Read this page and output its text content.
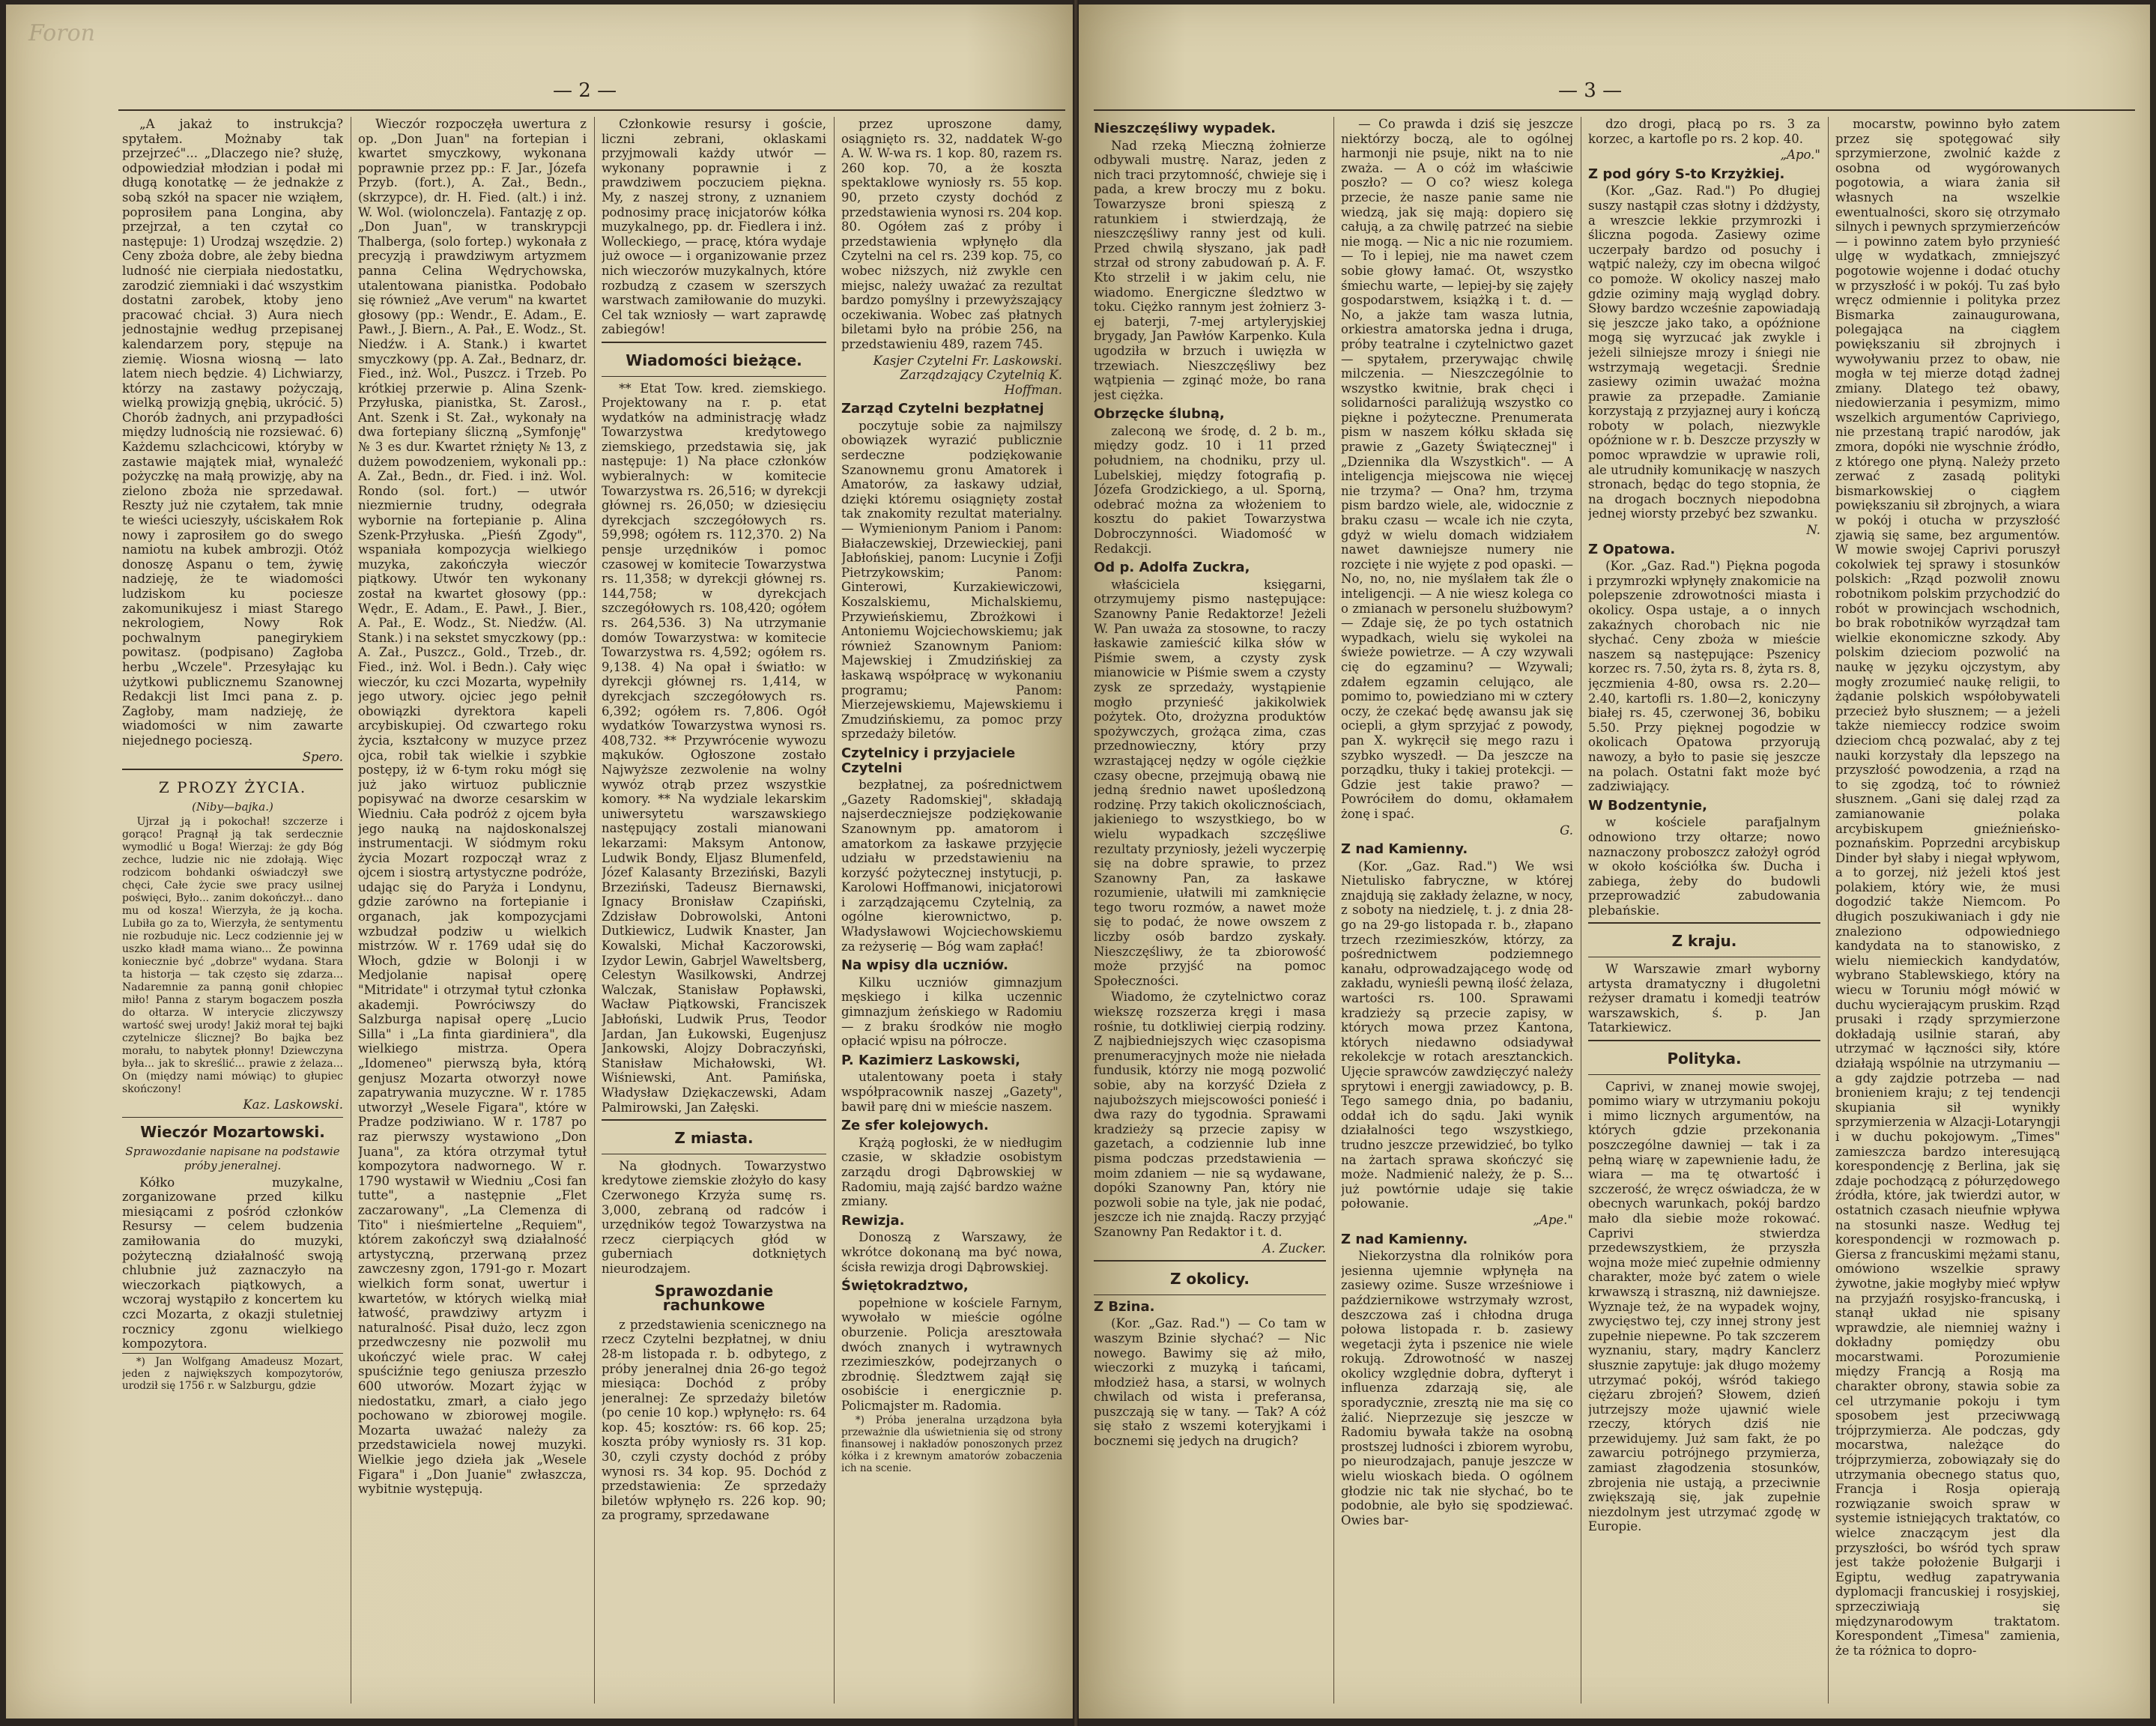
Foron
— 2 —

„A jakaż to instrukcja? spytałem. Możnaby tak przejrzeć"... „Dlaczego nie? służę, odpowiedział młodzian i podał mi długą konotatkę — że jednakże z sobą szkół na spacer nie wziąłem, poprosiłem pana Longina, aby przejrzał, a ten czytał co następuje: 1) Urodzaj wszędzie. 2) Ceny zboża dobre, ale żeby biedna ludność nie cierpiała niedostatku, zarodzić ziemniaki i dać wszystkim dostatni zarobek, ktoby jeno pracować chciał. 3) Aura niech jednostajnie według przepisanej kalendarzem pory, stępuje na ziemię. Wiosna wiosną — lato latem niech będzie. 4) Lichwiarzy, którzy na zastawy pożyczają, wielką prowizją gnębią, ukrócić. 5) Chorób żadnych, ani przypadłości między ludnością nie rozsiewać. 6) Każdemu szlachcicowi, któryby w zastawie majątek miał, wynaleźć pożyczkę na małą prowizję, aby na zielono zboża nie sprzedawał. Reszty już nie czytałem, tak mnie te wieści ucieszyły, uściskałem Rok nowy i zaprosiłem go do swego namiotu na kubek ambrozji. Otóż donoszę Aspanu o tem, żywię nadzieję, że te wiadomości ludziskom ku pociesze zakomunikujesz i miast Starego nekrologiem, Nowy Rok pochwalnym panegirykiem powitasz. (podpisano) Zagłoba herbu „Wczele". Przesyłając ku użytkowi publicznemu Szanownej Redakcji list Imci pana z. p. Zagłoby, mam nadzieję, że wiadomości w nim zawarte niejednego pocieszą.

Spero.

Z PROZY ŻYCIA.

(Niby—bajka.)

Ujrzał ją i pokochał! szczerze i gorąco! Pragnął ją tak serdecznie wymodlić u Boga! Wierzaj: że gdy Bóg zechce, ludzie nic nie zdołają. Więc rodzicom bohdanki oświadczył swe chęci, Całe życie swe pracy usilnej poświęci, Było... zanim dokończył... dano mu od kosza! Wierzyła, że ją kocha. Lubiła go za to, Wierzyła, że sentymentu nie rozbuduje nic. Lecz codziennie jej w uszko kładł mama wiano... Że powinna koniecznie być „dobrze" wydana. Stara ta historja — tak często się zdarza... Nadaremnie za panną gonił chłopiec miło! Panna z starym bogaczem poszła do ołtarza. W interycie zliczywszy wartość swej urody! Jakiż morał tej bajki czytelnicze ślicznej? Bo bajka bez morału, to nabytek płonny! Dziewczyna była... jak to skreślić... prawie z żelaza... On (między nami mówiąc) to głupiec skończony!

Kaz. Laskowski.

Wieczór Mozartowski.

Sprawozdanie napisane na podstawie próby jeneralnej.

Kółko muzykalne, zorganizowane przed kilku miesiącami z pośród członków Resursy — celem budzenia zamiłowania do muzyki, pożyteczną działalność swoją chlubnie już zaznaczyło na wieczorkach piątkowych, a wczoraj wystąpiło z koncertem ku czci Mozarta, z okazji stuletniej rocznicy zgonu wielkiego kompozytora.

*) Jan Wolfgang Amadeusz Mozart, jeden z największych kompozytorów, urodził się 1756 r. w Salzburgu, gdzie

Wieczór rozpoczęła uwertura z op. „Don Juan" na fortepian i kwartet smyczkowy, wykonana poprawnie przez pp.: F. Jar., Józefa Przyb. (fort.), A. Zał., Bedn., (skrzypce), dr. H. Fied. (alt.) i inż. W. Wol. (wiolonczela). Fantazję z op. „Don Juan", w transkrypcji Thalberga, (solo fortep.) wykonała z precyzją i prawdziwym artyzmem panna Celina Wędrychowska, utalentowana pianistka. Podobało się również „Ave verum" na kwartet głosowy (pp.: Wendr., E. Adam., E. Pawł., J. Biern., A. Pał., E. Wodz., St. Niedźw. i A. Stank.) i kwartet smyczkowy (pp. A. Zał., Bednarz, dr. Fied., inż. Wol., Puszcz. i Trzeb. Po krótkiej przerwie p. Alina Szenk-Przyłuska, pianistka, St. Zarosł., Ant. Szenk i St. Zał., wykonały na dwa fortepiany śliczną „Symfonję" № 3 es dur. Kwartet rżnięty № 13, z dużem powodzeniem, wykonali pp.: A. Zał., Bedn., dr. Fied. i inż. Wol. Rondo (sol. fort.) — utwór niezmiernie trudny, odegrała wybornie na fortepianie p. Alina Szenk-Przyłuska. „Pieśń Zgody", wspaniała kompozycja wielkiego muzyka, zakończyła wieczór piątkowy. Utwór ten wykonany został na kwartet głosowy (pp.: Wędr., E. Adam., E. Pawł., J. Bier., A. Pał., E. Wodz., St. Niedźw. (Al. Stank.) i na sekstet smyczkowy (pp.: A. Zał., Puszcz., Gold., Trzeb., dr. Fied., inż. Wol. i Bedn.). Cały więc wieczór, ku czci Mozarta, wypełniły jego utwory. ojciec jego pełnił obowiązki dyrektora kapeli arcybiskupiej. Od czwartego roku życia, kształcony w muzyce przez ojca, robił tak wielkie i szybkie postępy, iż w 6-tym roku mógł się już jako wirtuoz publicznie popisywać na dworze cesarskim w Wiedniu. Cała podróż z ojcem była jego nauką na najdoskonalszej instrumentacji. W siódmym roku życia Mozart rozpoczął wraz z ojcem i siostrą artystyczne podróże, udając się do Paryża i Londynu, gdzie zarówno na fortepianie i organach, jak kompozycjami wzbudzał podziw u wielkich mistrzów. W r. 1769 udał się do Włoch, gdzie w Bolonji i w Medjolanie napisał operę "Mitridate" i otrzymał tytuł członka akademji. Powróciwszy do Salzburga napisał operę „Lucio Silla" i „La finta giardiniera", dla wielkiego mistrza. Opera „Idomeneo" pierwszą była, którą genjusz Mozarta otworzył nowe zapatrywania muzyczne. W r. 1785 utworzył „Wesele Figara", które w Pradze podziwiano. W r. 1787 po raz pierwszy wystawiono „Don Juana", za która otrzymał tytuł kompozytora nadwornego. W r. 1790 wystawił w Wiedniu „Cosi fan tutte", a następnie „Flet zaczarowany", „La Clemenza di Tito" i nieśmiertelne „Requiem", którem zakończył swą działalność artystyczną, przerwaną przez zawczesny zgon, 1791-go r. Mozart wielkich form sonat, uwertur i kwartetów, w których wielką miał łatwość, prawdziwy artyzm i naturalność. Pisał dużo, lecz zgon przedwczesny nie pozwolił mu ukończyć wiele prac. W całej spuściźnie tego geniusza przeszło 600 utworów. Mozart żyjąc w niedostatku, zmarł, a ciało jego pochowano w zbiorowej mogile. Mozarta uważać należy za przedstawiciela nowej muzyki. Wielkie jego dzieła jak „Wesele Figara" i „Don Juanie" zwłaszcza, wybitnie występują.

Członkowie resursy i goście, liczni zebrani, oklaskami przyjmowali każdy utwór — wykonany poprawnie i z prawdziwem poczuciem piękna. My, z naszej strony, z uznaniem podnosimy pracę inicjatorów kółka muzykalnego, pp. dr. Fiedlera i inż. Wolleckiego, — pracę, która wydaje już owoce — i organizowanie przez nich wieczorów muzykalnych, które rozbudzą z czasem w szerszych warstwach zamiłowanie do muzyki. Cel tak wzniosły — wart zaprawdę zabiegów!

Wiadomości bieżące.

** Etat Tow. kred. ziemskiego. Projektowany na r. p. etat wydatków na administrację władz Towarzystwa kredytowego ziemskiego, przedstawia się, jak następuje: 1) Na płace członków wybieralnych: w komitecie Towarzystwa rs. 26,516; w dyrekcji głównej rs. 26,050; w dziesięciu dyrekcjach szczegółowych rs. 59,998; ogółem rs. 112,370. 2) Na pensje urzędników i pomoc czasowej w komitecie Towarzystwa rs. 11,358; w dyrekcji głównej rs. 144,758; w dyrekcjach szczegółowych rs. 108,420; ogółem rs. 264,536. 3) Na utrzymanie domów Towarzystwa: w komitecie Towarzystwa rs. 4,592; ogółem rs. 9,138. 4) Na opał i światło: w dyrekcji głównej rs. 1,414, w dyrekcjach szczegółowych rs. 6,392; ogółem rs. 7,806. Ogół wydatków Towarzystwa wynosi rs. 408,732. ** Przywrócenie wywozu mąkuków. Ogłoszone zostało Najwyższe zezwolenie na wolny wywóz otrąb przez wszystkie komory. ** Na wydziale lekarskim uniwersytetu warszawskiego następujący zostali mianowani lekarzami: Maksym Antonow, Ludwik Bondy, Eljasz Blumenfeld, Józef Kalasanty Brzeziński, Bazyli Brzeziński, Tadeusz Biernawski, Ignacy Bronisław Czapiński, Zdzisław Dobrowolski, Antoni Dutkiewicz, Ludwik Knaster, Jan Kowalski, Michał Kaczorowski, Izydor Lewin, Gabrjel Waweltsberg, Celestyn Wasilkowski, Andrzej Walczak, Stanisław Popławski, Wacław Piątkowski, Franciszek Jabłoński, Ludwik Prus, Teodor Jardan, Jan Łukowski, Eugenjusz Jankowski, Alojzy Dobraczyński, Stanisław Michałowski, Wł. Wiśniewski, Ant. Pamińska, Władysław Dziękaczewski, Adam Palmirowski, Jan Załęski.

Z miasta.

Na głodnych. Towarzystwo kredytowe ziemskie złożyło do kasy Czerwonego Krzyża sumę rs. 3,000, zebraną od radców i urzędników tegoż Towarzystwa na rzecz cierpiących głód w guberniach dotkniętych nieurodzajem.

Sprawozdanie rachunkowe

z przedstawienia scenicznego na rzecz Czytelni bezpłatnej, w dniu 28-m listopada r. b. odbytego, z próby jeneralnej dnia 26-go tegoż miesiąca: Dochód z próby jeneralnej: Ze sprzedaży biletów (po cenie 10 kop.) wpłynęło: rs. 64 kop. 45; kosztów: rs. 66 kop. 25; koszta próby wyniosły rs. 31 kop. 30, czyli czysty dochód z próby wynosi rs. 34 kop. 95. Dochód z przedstawienia: Ze sprzedaży biletów wpłynęło rs. 226 kop. 90; za programy, sprzedawane

przez uproszone damy, osiągnięto rs. 32, naddatek W-go A. W. W-wa rs. 1 kop. 80, razem rs. 260 kop. 70, a że koszta spektaklowe wyniosły rs. 55 kop. 90, przeto czysty dochód z przedstawienia wynosi rs. 204 kop. 80. Ogółem zaś z próby i przedstawienia wpłynęło dla Czytelni na cel rs. 239 kop. 75, co wobec niższych, niż zwykle cen miejsc, należy uważać za rezultat bardzo pomyślny i przewyższający oczekiwania. Wobec zaś płatnych biletami było na próbie 256, na przedstawieniu 489, razem 745.

Kasjer Czytelni Fr. Laskowski. Zarządzający Czytelnią K. Hoffman.

Zarząd Czytelni bezpłatnej

poczytuje sobie za najmilszy obowiązek wyrazić publicznie serdeczne podziękowanie Szanownemu gronu Amatorek i Amatorów, za łaskawy udział, dzięki któremu osiągnięty został tak znakomity rezultat materialny. — Wymienionym Paniom i Panom: Białaczewskiej, Drzewieckiej, pani Jabłońskiej, panom: Lucynie i Zofji Pietrzykowskim; Panom: Ginterowi, Kurzakiewiczowi, Koszalskiemu, Michalskiemu, Przywieńskiemu, Zbrożkowi i Antoniemu Wojciechowskiemu; jak również Szanownym Paniom: Majewskiej i Zmudzińskiej za łaskawą współpracę w wykonaniu programu; Panom: Mierzejewskiemu, Majewskiemu i Zmudzińskiemu, za pomoc przy sprzedaży biletów.

Czytelnicy i przyjaciele Czytelni

bezpłatnej, za pośrednictwem „Gazety Radomskiej", składają najserdeczniejsze podziękowanie Szanownym pp. amatorom i amatorkom za łaskawe przyjęcie udziału w przedstawieniu na korzyść pożytecznej instytucji, p. Karolowi Hoffmanowi, inicjatorowi i zarządzającemu Czytelnią, za ogólne kierownictwo, p. Władysławowi Wojciechowskiemu za reżyserię — Bóg wam zapłać!

Na wpisy dla uczniów.

Kilku uczniów gimnazjum męskiego i kilka uczennic gimnazjum żeńskiego w Radomiu — z braku środków nie mogło opłacić wpisu na półrocze.

P. Kazimierz Laskowski,

utalentowany poeta i stały współpracownik naszej „Gazety", bawił parę dni w mieście naszem.

Ze sfer kolejowych.

Krążą pogłoski, że w niedługim czasie, w składzie osobistym zarządu drogi Dąbrowskiej w Radomiu, mają zajść bardzo ważne zmiany.

Rewizja.

Donoszą z Warszawy, że wkrótce dokonaną ma być nowa, ścisła rewizja drogi Dąbrowskiej.

Świętokradztwo,

popełnione w kościele Farnym, wywołało w mieście ogólne oburzenie. Policja aresztowała dwóch znanych i wytrawnych rzezimieszków, podejrzanych o zbrodnię. Śledztwem zajął się osobiście i energicznie p. Policmajster m. Radomia.

*) Próba jeneralna urządzona była przeważnie dla uświetnienia się od strony finansowej i nakładów ponoszonych przez kółka i z krewnym amatorów zobaczenia ich na scenie.

— 3 —

Nieszczęśliwy wypadek.

Nad rzeką Mieczną żołnierze odbywali mustrę. Naraz, jeden z nich traci przytomność, chwieje się i pada, a krew broczy mu z boku. Towarzysze broni spieszą z ratunkiem i stwierdzają, że nieszczęśliwy ranny jest od kuli. Przed chwilą słyszano, jak padł strzał od strony zabudowań p. A. F. Kto strzelił i w jakim celu, nie wiadomo. Energiczne śledztwo w toku. Ciężko rannym jest żołnierz 3-ej baterji, 7-mej artyleryjskiej brygady, Jan Pawłów Karpenko. Kula ugodziła w brzuch i uwięzła w trzewiach. Nieszczęśliwy bez wątpienia — zginąć może, bo rana jest ciężka.

Obrzęcke ślubną,

zaleconą we środę, d. 2 b. m., między godz. 10 i 11 przed południem, na chodniku, przy ul. Lubelskiej, między fotografią p. Józefa Grodzickiego, a ul. Sporną, odebrać można za włożeniem to kosztu do pakiet Towarzystwa Dobroczynności. Wiadomość w Redakcji.

Od p. Adolfa Zuckra,

właściciela księgarni, otrzymujemy pismo następujące: Szanowny Panie Redaktorze! Jeżeli W. Pan uważa za stosowne, to raczy łaskawie zamieścić kilka słów w Piśmie swem, a czysty zysk mianowicie w Piśmie swem a czysty zysk ze sprzedaży, wystąpienie mogło przynieść jakikolwiek pożytek. Oto, drożyzna produktów spożywczych, grożąca zima, czas przednowieczny, który przy wzrastającej nędzy w ogóle ciężkie czasy obecne, przejmują obawą nie jedną średnio nawet upośledzoną rodzinę. Przy takich okolicznościach, jakieniego to wszystkiego, bo w wielu wypadkach szczęśliwe rezultaty przyniosły, jeżeli wyczerpię się na dobre sprawie, to przez Szanowny Pan, za łaskawe rozumienie, ułatwili mi zamknięcie tego tworu rozmów, a nawet może się to podać, że nowe owszem z liczby osób bardzo zyskały. Nieszczęśliwy, że ta zbiorowość może przyjść na pomoc Społeczności.

Wiadomo, że czytelnictwo coraz wiekszę rozszerza kręgi i masa rośnie, tu dotkliwiej cierpią rodziny. Z najbiedniejszych więc czasopisma prenumeracyjnych może nie niełada fundusik, którzy nie mogą pozwolić sobie, aby na korzyść Dzieła z najuboższych miejscowości ponieść i dwa razy do tygodnia. Sprawami kradzieży są przecie zapisy w gazetach, a codziennie lub inne pisma podczas przedstawienia — moim zdaniem — nie są wydawane, dopóki Szanowny Pan, który nie pozwoli sobie na tyle, jak nie podać, jeszcze ich nie znajdą. Raczy przyjąć Szanowny Pan Redaktor i t. d.

A. Zucker.

Z okolicy.

Z Bzina.

(Kor. „Gaz. Rad.") — Co tam w waszym Bzinie słychać? — Nic nowego. Bawimy się aż miło, wieczorki z muzyką i tańcami, młodzież hasa, a starsi, w wolnych chwilach od wista i preferansa, puszczają się w tany. — Tak? A cóż się stało z wszemi koteryjkami i bocznemi się jedych na drugich?

— Co prawda i dziś się jeszcze niektórzy boczą, ale to ogólnej harmonji nie psuje, nikt na to nie zważa. — A o cóż im właściwie poszło? — O co? wiesz kolega przecie, że nasze panie same nie wiedzą, jak się mają: dopiero się całują, a za chwilę patrzeć na siebie nie mogą. — Nic a nic nie rozumiem. — To i lepiej, nie ma nawet czem sobie głowy łamać. Ot, wszystko śmiechu warte, — lepiej-by się zajęły gospodarstwem, książką i t. d. — No, a jakże tam wasza lutnia, orkiestra amatorska jedna i druga, próby teatralne i czytelnictwo gazet — spytałem, przerywając chwilę milczenia. — Nieszczególnie to wszystko kwitnie, brak chęci i solidarności paraliżują wszystko co piękne i pożyteczne. Prenumerata pism w naszem kółku składa się prawie z „Gazety Świątecznej" i „Dziennika dla Wszystkich". — A inteligencja miejscowa nie więcej nie trzyma? — Ona? hm, trzyma pism bardzo wiele, ale, widocznie z braku czasu — wcale ich nie czyta, gdyż w wielu domach widziałem nawet dawniejsze numery nie rozcięte i nie wyjęte z pod opaski. — No, no, no, nie myślałem tak źle o inteligencji. — A nie wiesz kolega co o zmianach w personelu służbowym? — Zdaje się, że po tych ostatnich wypadkach, wielu się wykolei na świeże powietrze. — A czy wzywali cię do egzaminu? — Wzywali; zdałem egzamin celująco, ale pomimo to, powiedziano mi w cztery oczy, że czekać będę awansu jak się ociepli, a głym sprzyjać z powody, pan X. wykręcił się mego razu i szybko wyszedł. — Da jeszcze na porządku, tłuky i takiej protekcji. — Gdzie jest takie prawo? — Powróciłem do domu, okłamałem żonę i spać.

G.

Z nad Kamienny.

(Kor. „Gaz. Rad.") We wsi Nietulisko fabryczne, w której znajdują się zakłady żelazne, w nocy, z soboty na niedzielę, t. j. z dnia 28-go na 29-go listopada r. b., złapano trzech rzezimieszków, którzy, za pośrednictwem podziemnego kanału, odprowadzającego wodę od zakładu, wynieśli pewną ilość żelaza, wartości rs. 100. Sprawami kradzieży są przecie zapisy, w których mowa przez Kantona, których niedawno odsiadywał rekolekcje w rotach aresztanckich. Ujęcie sprawców zawdzięczyć należy sprytowi i energji zawiadowcy, p. B. Tego samego dnia, po badaniu, oddał ich do sądu. Jaki wynik działalności tego wszystkiego, trudno jeszcze przewidzieć, bo tylko na żartach sprawa skończyć się może. Nadmienić należy, że p. S... już powtórnie udaje się takie połowanie.

„Ape."

Z nad Kamienny.

Niekorzystna dla rolników pora jesienna ujemnie wpłynęła na zasiewy ozime. Susze wrześniowe i październikowe wstrzymały wzrost, deszczowa zaś i chłodna druga połowa listopada r. b. zasiewy wegetacji żyta i pszenice nie wiele rokują. Zdrowotność w naszej okolicy względnie dobra, dyfteryt i influenza zdarzają się, ale sporadycznie, zresztą nie ma się co żalić. Nieprzezuje się jeszcze w Radomiu bywała także na osobną prostszej ludności i zbiorem wyrobu, po nieurodzajach, panuje jeszcze w wielu wioskach bieda. O ogólnem głodzie nic tak nie słychać, bo te podobnie, ale było się spodziewać. Owies bar-

dzo drogi, płacą po rs. 3 za korzec, a kartofle po rs. 2 kop. 40.

„Apo."

Z pod góry S-to Krzyżkiej.

(Kor. „Gaz. Rad.") Po długiej suszy nastąpił czas słotny i dżdżysty, a wreszcie lekkie przymrozki i śliczna pogoda. Zasiewy ozime uczerpały bardzo od posuchy i wątpić należy, czy im obecna wilgoć co pomoże. W okolicy naszej mało gdzie oziminy mają wygląd dobry. Słowy bardzo wcześnie zapowiadają się jeszcze jako tako, a opóźnione mogą się wyrzucać jak zwykle i jeżeli silniejsze mrozy i śniegi nie wstrzymają wegetacji. Średnie zasiewy ozimin uważać można prawie za przepadłe. Zamianie korzystają z przyjaznej aury i kończą roboty w polach, niezwykle opóźnione w r. b. Deszcze przyszły w pomoc wprawdzie w uprawie roli, ale utrudniły komunikację w naszych stronach, będąc do tego stopnia, że na drogach bocznych niepodobna jednej wiorsty przebyć bez szwanku.

N.

Z Opatowa.

(Kor. „Gaz. Rad.") Piękna pogoda i przymrozki wpłynęły znakomicie na polepszenie zdrowotności miasta i okolicy. Ospa ustaje, a o innych zakaźnych chorobach nic nie słychać. Ceny zboża w mieście naszem są następujące: Pszenicy korzec rs. 7.50, żyta rs. 8, żyta rs. 8, jęczmienia 4-80, owsa rs. 2.20—2.40, kartofli rs. 1.80—2, koniczyny białej rs. 45, czerwonej 36, bobiku 5.50. Przy pięknej pogodzie w okolicach Opatowa przyorują nawozy, a było to pasie się jeszcze na polach. Ostatni fakt może być zadziwiający.

W Bodzentynie,

w kościele parafjalnym odnowiono trzy ołtarze; nowo naznaczony proboszcz założył ogród w około kościółka św. Ducha i zabiega, żeby do budowli przeprowadzić zabudowania plebańskie.

Z kraju.

W Warszawie zmarł wyborny artysta dramatyczny i długoletni reżyser dramatu i komedji teatrów warszawskich, ś. p. Jan Tatarkiewicz.

Polityka.

Caprivi, w znanej mowie swojej, pomimo wiary w utrzymaniu pokoju i mimo licznych argumentów, na których gdzie przekonania poszczególne dawniej — tak i za pełną wiarę w zapewnienie ładu, że wiara — ma tę otwartość i szczerość, że wręcz oświadcza, że w obecnych warunkach, pokój bardzo mało dla siebie może rokować. Caprivi stwierdza przedewszystkiem, że przyszła wojna może mieć zupełnie odmienny charakter, może być zatem o wiele krwawszą i straszną, niż dawniejsze. Wyznaje też, że na wypadek wojny, zwycięstwo tej, czy innej strony jest zupełnie niepewne. Po tak szczerem wyznaniu, stary, mądry Kanclerz słusznie zapytuje: jak długo możemy utrzymać pokój, wśród takiego ciężaru zbrojeń? Słowem, dzień jutrzejszy może ujawnić wiele rzeczy, których dziś nie przewidujemy. Już sam fakt, że po zawarciu potrójnego przymierza, zamiast złagodzenia stosunków, zbrojenia nie ustają, a przeciwnie zwiększają się, jak zupełnie niezdolnym jest utrzymać zgodę w Europie.

mocarstw, powinno było zatem przez się spotęgować siły sprzymierzone, zwolnić każde z osobna od wygórowanych pogotowia, a wiara żania sił własnych na wszelkie ewentualności, skoro się otrzymało silnych i pewnych sprzymierzeńców — i powinno zatem było przynieść ulgę w wydatkach, zmniejszyć pogotowie wojenne i dodać otuchy w przyszłość i w pokój. Tu zaś było wręcz odmiennie i polityka przez Bismarka zainaugurowana, polegająca na ciągłem powiększaniu sił zbrojnych i wywoływaniu przez to obaw, nie mogła w tej mierze dotąd żadnej zmiany. Dlatego też obawy, niedowierzania i pesymizm, mimo wszelkich argumentów Capriviego, nie przestaną trapić narodów, jak zmora, dopóki nie wyschnie źródło, z którego one płyną. Należy przeto zerwać z zasadą polityki bismarkowskiej o ciągłem powiększaniu sił zbrojnych, a wiara w pokój i otucha w przyszłość zjawią się same, bez argumentów. W mowie swojej Caprivi poruszył cokolwiek tej sprawy i stosunków polskich: „Rząd pozwolił znowu robotnikom polskim przychodzić do robót w prowincjach wschodnich, bo brak robotników wyrządzał tam wielkie ekonomiczne szkody. Aby polskim dzieciom pozwolić na naukę w języku ojczystym, aby mogły zrozumieć naukę religii, to żądanie polskich współobywateli przecież było słusznem; — a jeżeli także niemieccy rodzice swoim dzieciom chcą pozwalać, aby z tej nauki korzystały dla lepszego na przyszłość powodzenia, a rząd na to się zgodzą, toć to również słusznem. „Gani się dalej rząd za zamianowanie polaka arcybiskupem gnieźnieńsko-poznańskim. Poprzedni arcybiskup Dinder był słaby i niegał wpływom, a to gorzej, niż jeżeli ktoś jest polakiem, który wie, że musi dogodzić także Niemcom. Po długich poszukiwaniach i gdy nie znaleziono odpowiedniego kandydata na to stanowisko, z wielu niemieckich kandydatów, wybrano Stablewskiego, który na wiecu w Toruniu mógł mówić w duchu wycierającym pruskim. Rząd prusaki i rządy sprzymierzone dokładają usilnie starań, aby utrzymać w łączności siły, które działają wspólnie na utrzymaniu — a gdy zajdzie potrzeba — nad bronieniem kraju; z tej tendencji skupiania sił wynikły sprzymierzenia w Alzacji-Lotaryngji i w duchu pokojowym. „Times" zamieszcza bardzo interesującą korespondencję z Berlina, jak się zdaje pochodzącą z półurzędowego źródła, które, jak twierdzi autor, w ostatnich czasach nieufnie wpływa na stosunki nasze. Według tej korespondencji w rozmowach p. Giersa z francuskimi mężami stanu, omówiono wszelkie sprawy żywotne, jakie mogłyby mieć wpływ na przyjaźń rosyjsko-francuską, i stanął układ nie spisany wprawdzie, ale niemniej ważny i dokładny pomiędzy obu mocarstwami. Porozumienie między Francją a Rosją ma charakter obrony, stawia sobie za cel utrzymanie pokoju i tym sposobem jest przeciwwagą trójprzymierza. Ale podczas, gdy mocarstwa, należące do trójprzymierza, zobowiązały się do utrzymania obecnego status quo, Francja i Rosja opierają rozwiązanie swoich spraw w systemie istniejących traktatów, co wielce znaczącym jest dla przyszłości, bo wśród tych spraw jest także położenie Bułgarji i Egiptu, według zapatrywania dyplomacji francuskiej i rosyjskiej, sprzecziwiają się międzynarodowym traktatom. Korespondent „Timesa" zamienia, że ta różnica to dopro-
